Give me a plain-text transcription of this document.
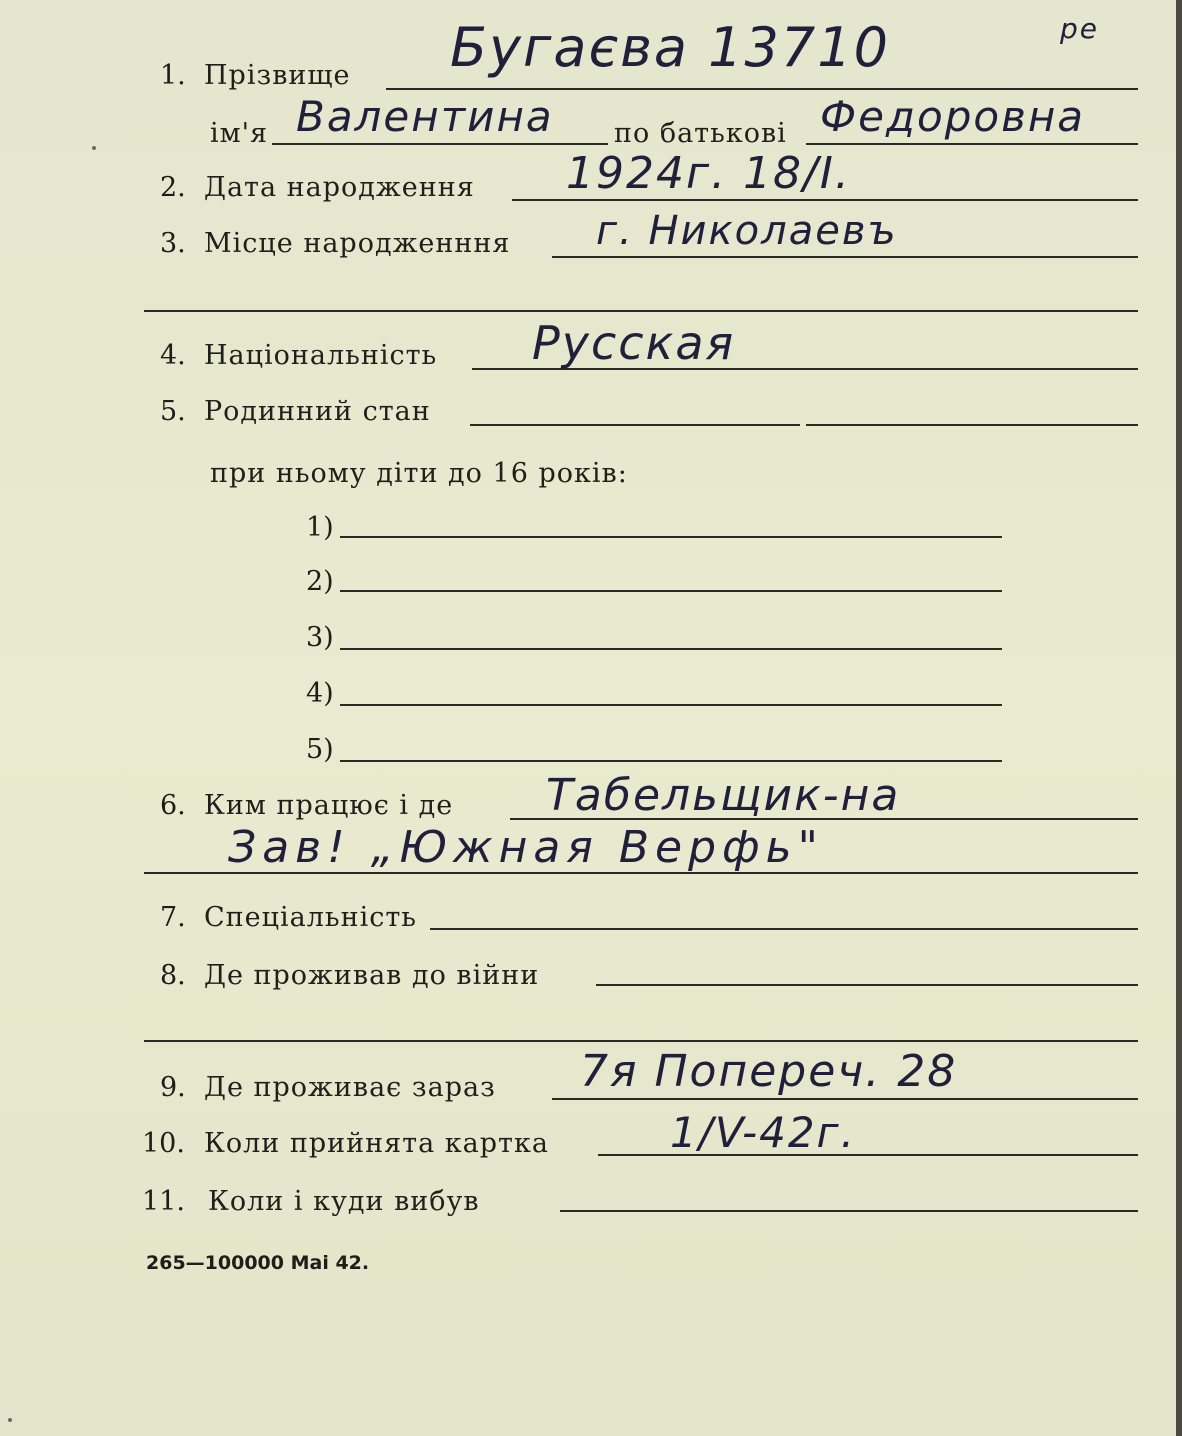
1. Прізвище Бугаєва 13710	ре
ім'я Валентина по батькові Федоровна
2. Дата народження 1924г. 18/I.
3. Місце народженння г. Николаевъ
4. Національність Русская
5. Родинний стан
при ньому діти до 16 років:
1)
2)
3)
4)
5)
6. Ким працює і де Табельщик-на
Зав! „Южная Верфь"
7. Спеціальність
8. Де проживав до війни
9. Де проживає зараз 7я Попереч. 28
10. Коли прийнята картка	1/V-42г.
11. Коли і куди вибув
265—100000 Mai 42.
